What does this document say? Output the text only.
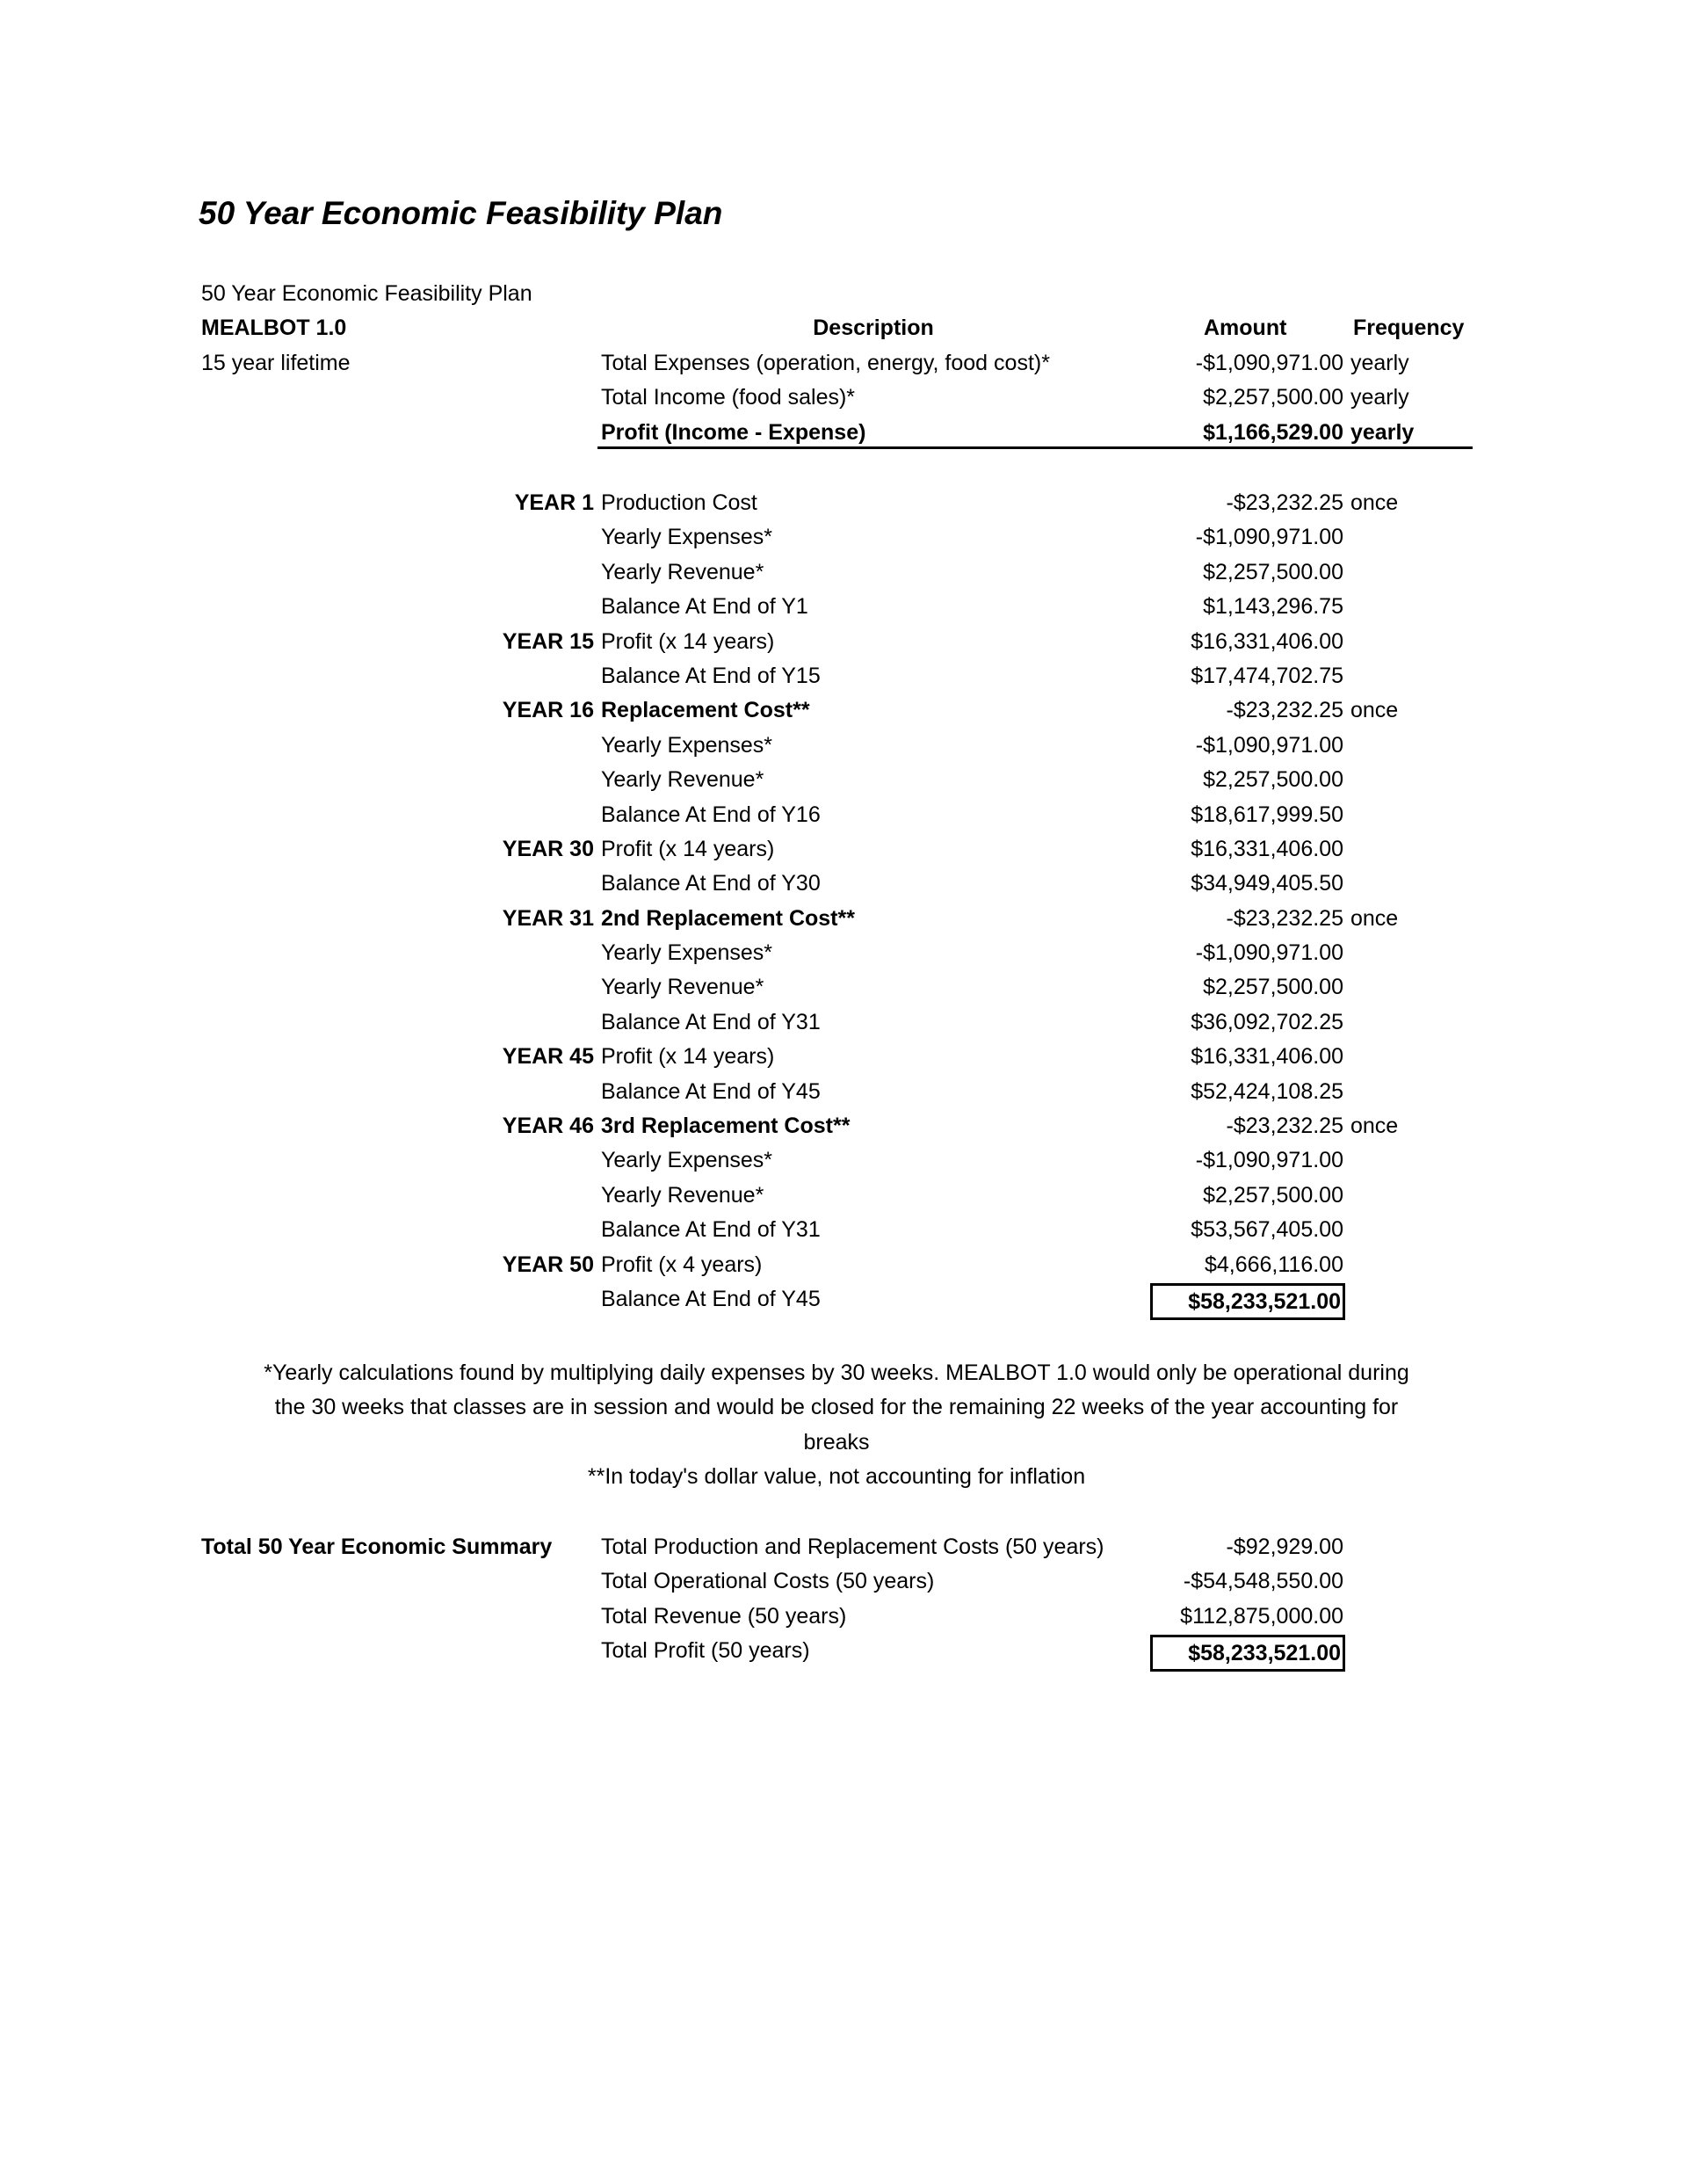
50 Year Economic Feasibility Plan
50 Year Economic Feasibility Plan
MEALBOT 1.0	Description	Amount	Frequency
15 year lifetime	Total Expenses (operation, energy, food cost)*	-$1,090,971.00 yearly
Total Income (food sales)*	$2,257,500.00 yearly
Profit (Income - Expense)	$1,166,529.00 yearly
YEAR 1 Production Cost	-$23,232.25 once
Yearly Expenses*	-$1,090,971.00
Yearly Revenue*	$2,257,500.00
Balance At End of Y1	$1,143,296.75
YEAR 15 Profit (x 14 years)	$16,331,406.00
Balance At End of Y15	$17,474,702.75
YEAR 16 Replacement Cost**	-$23,232.25 once
Yearly Expenses*	-$1,090,971.00
Yearly Revenue*	$2,257,500.00
Balance At End of Y16	$18,617,999.50
YEAR 30 Profit (x 14 years)	$16,331,406.00
Balance At End of Y30	$34,949,405.50
YEAR 31 2nd Replacement Cost**	-$23,232.25 once
Yearly Expenses*	-$1,090,971.00
Yearly Revenue*	$2,257,500.00
Balance At End of Y31	$36,092,702.25
YEAR 45 Profit (x 14 years)	$16,331,406.00
Balance At End of Y45	$52,424,108.25
YEAR 46 3rd Replacement Cost**	-$23,232.25 once
Yearly Expenses*	-$1,090,971.00
Yearly Revenue*	$2,257,500.00
Balance At End of Y31	$53,567,405.00
YEAR 50 Profit (x 4 years)	$4,666,116.00
Balance At End of Y45	$58,233,521.00
*Yearly calculations found by multiplying daily expenses by 30 weeks. MEALBOT 1.0 would only be operational during
the 30 weeks that classes are in session and would be closed for the remaining 22 weeks of the year accounting for
breaks
**In today's dollar value, not accounting for inflation
Total 50 Year Economic Summary Total Production and Replacement Costs (50 years)	-$92,929.00
Total Operational Costs (50 years)	-$54,548,550.00
Total Revenue (50 years)	$112,875,000.00
Total Profit (50 years)	$58,233,521.00
